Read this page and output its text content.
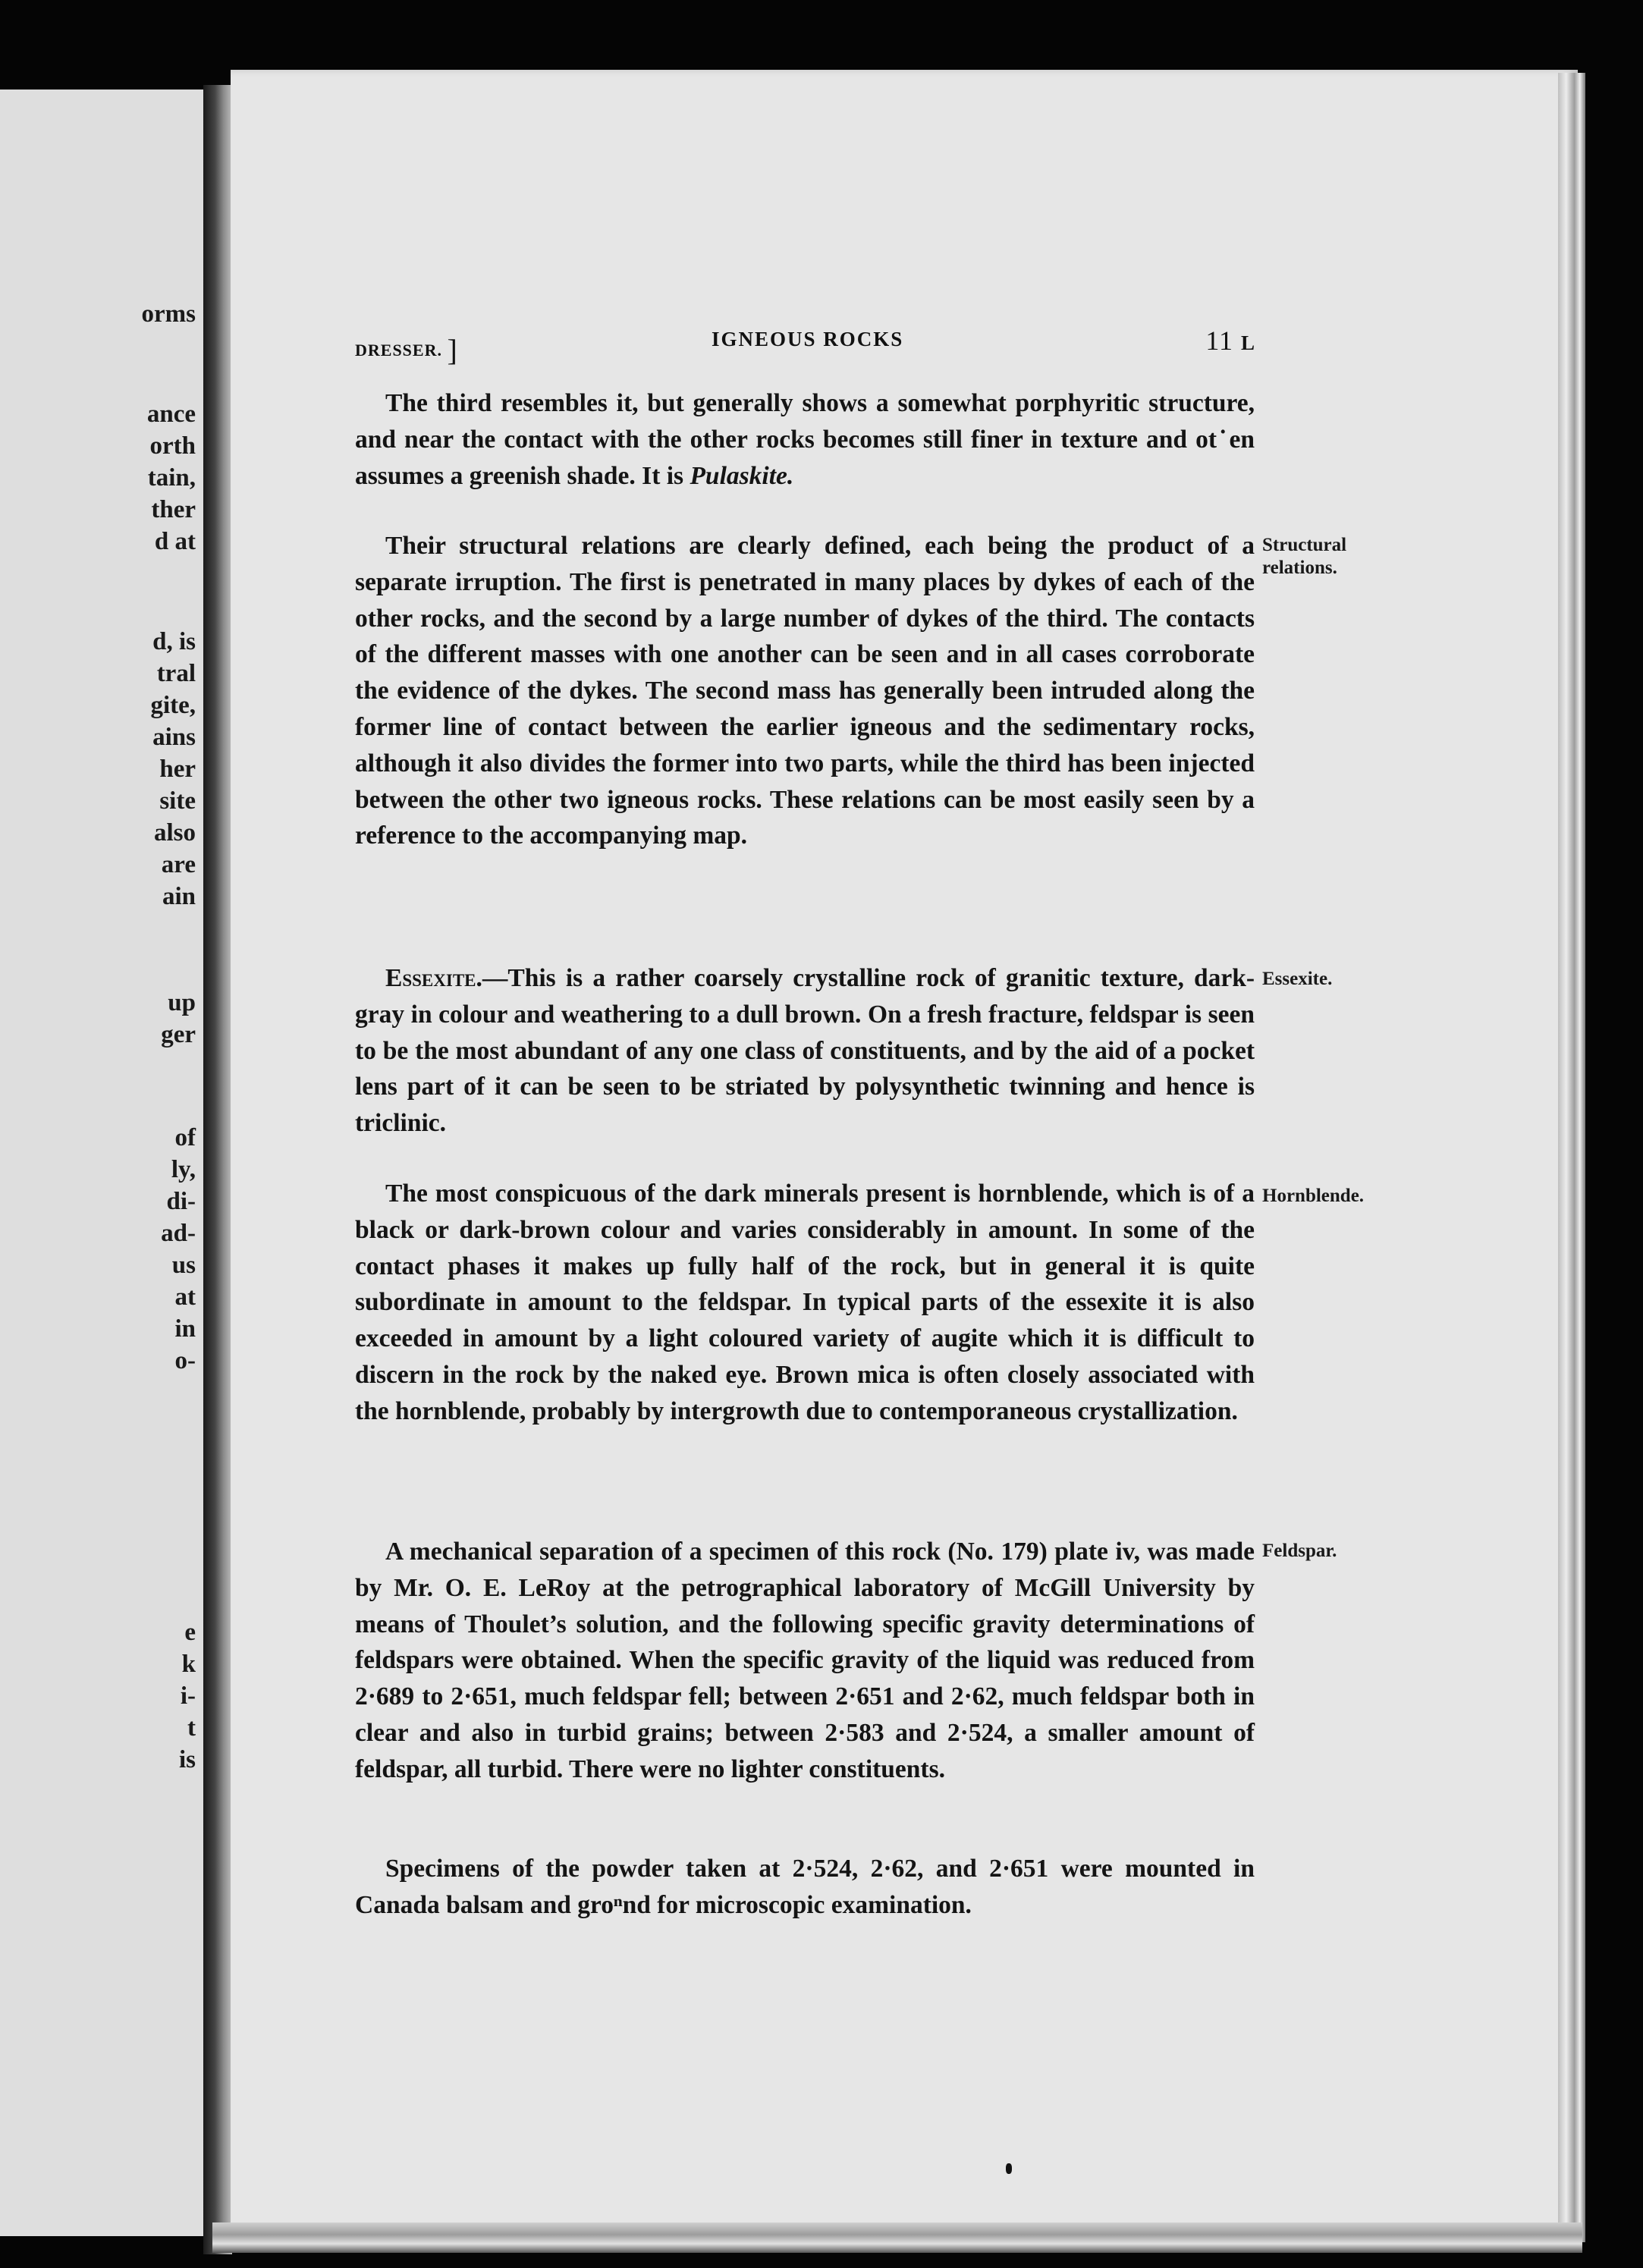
orms
ance
orth
tain,
ther
d at
d, is
tral
gite,
ains
her
site
also
are
ain
up
ger
of
ly,
di-
ad-
us
at
in
o-
e
k
i-
t
is
DRESSER. ]	IGNEOUS ROCKS	11 L
The third resembles it, but generally shows a somewhat porphyritic structure, and near the contact with the other rocks becomes still finer in texture and ot˙en assumes a greenish shade. It is Pulaskite.
Their structural relations are clearly defined, each being the product of a separate irruption. The first is penetrated in many places by dykes of each of the other rocks, and the second by a large number of dykes of the third. The contacts of the different masses with one another can be seen and in all cases corroborate the evidence of the dykes. The second mass has generally been intruded along the former line of contact between the earlier igneous and the sedimentary rocks, although it also divides the former into two parts, while the third has been injected between the other two igneous rocks. These relations can be most easily seen by a reference to the accompanying map.
Essexite.—This is a rather coarsely crystalline rock of granitic texture, dark-gray in colour and weathering to a dull brown. On a fresh fracture, feldspar is seen to be the most abundant of any one class of constituents, and by the aid of a pocket lens part of it can be seen to be striated by polysynthetic twinning and hence is triclinic.
The most conspicuous of the dark minerals present is hornblende, which is of a black or dark-brown colour and varies considerably in amount. In some of the contact phases it makes up fully half of the rock, but in general it is quite subordinate in amount to the feldspar. In typical parts of the essexite it is also exceeded in amount by a light coloured variety of augite which it is difficult to discern in the rock by the naked eye. Brown mica is often closely associated with the hornblende, probably by intergrowth due to contemporaneous crystallization.
A mechanical separation of a specimen of this rock (No. 179) plate iv, was made by Mr. O. E. LeRoy at the petrographical laboratory of McGill University by means of Thoulet’s solution, and the following specific gravity determinations of feldspars were obtained. When the specific gravity of the liquid was reduced from 2·689 to 2·651, much feldspar fell; between 2·651 and 2·62, much feldspar both in clear and also in turbid grains; between 2·583 and 2·524, a smaller amount of feldspar, all turbid. There were no lighter constituents.
Specimens of the powder taken at 2·524, 2·62, and 2·651 were mounted in Canada balsam and groⁿnd for microscopic examination.
Structural
relations.
Essexite.
Hornblende.
Feldspar.
